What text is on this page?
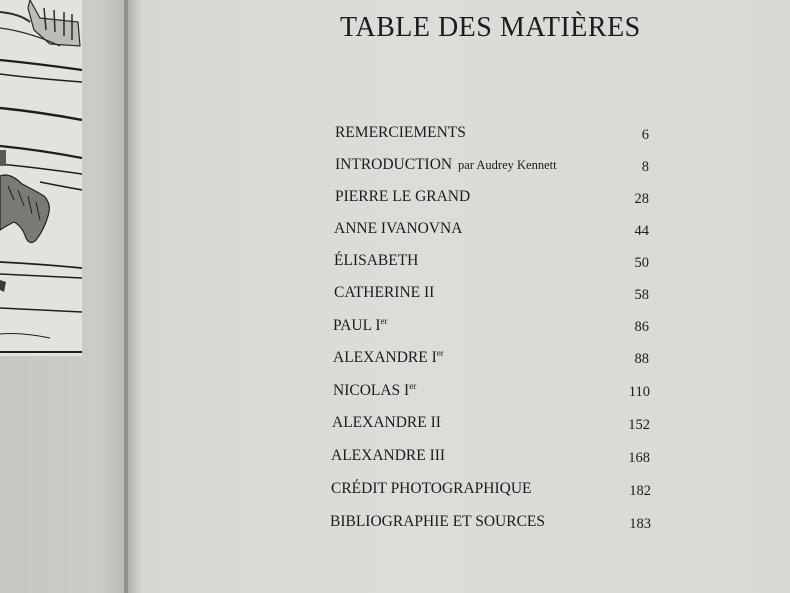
TABLE DES MATIÈRES
REMERCIEMENTS	6
INTRODUCTION par Audrey Kennett	8
PIERRE LE GRAND	28
ANNE IVANOVNA	44
ÉLISABETH	50
CATHERINE II	58
PAUL Ier	86
ALEXANDRE Ier	88
NICOLAS Ier	110
ALEXANDRE II	152
ALEXANDRE III	168
CRÉDIT PHOTOGRAPHIQUE	182
BIBLIOGRAPHIE ET SOURCES	183
